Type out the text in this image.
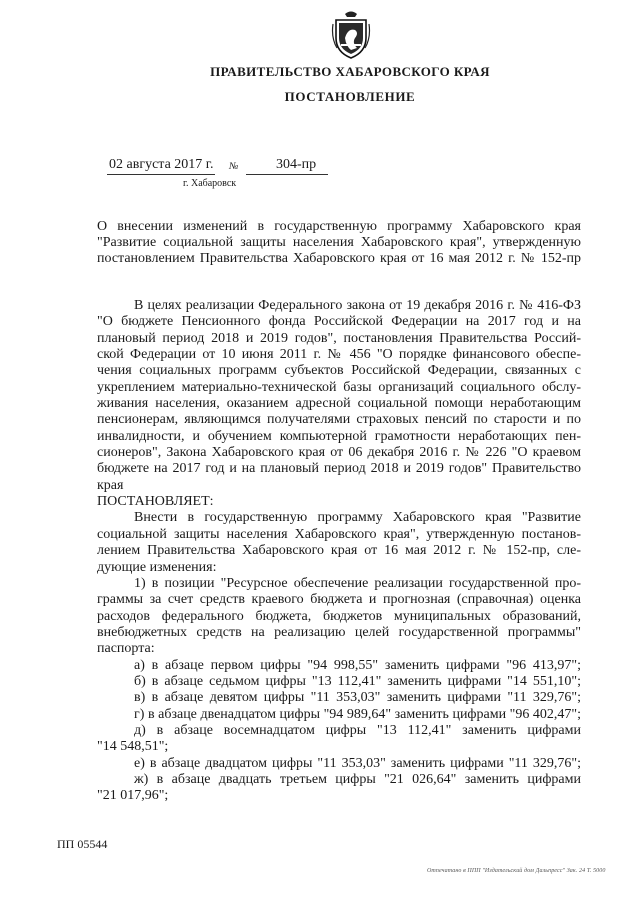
ПРАВИТЕЛЬСТВО ХАБАРОВСКОГО КРАЯ
ПОСТАНОВЛЕНИЕ
02 августа 2017 г. №	304-пр
г. Хабаровск
О внесении изменений в государственную программу Хабаровского края
"Развитие социальной защиты населения Хабаровского края", утвержденную
постановлением Правительства Хабаровского края от 16 мая 2012 г. № 152-пр
В целях реализации Федерального закона от 19 декабря 2016 г. № 416-ФЗ
"О бюджете Пенсионного фонда Российской Федерации на 2017 год и на
плановый период 2018 и 2019 годов", постановления Правительства Россий-
ской Федерации от 10 июня 2011 г. № 456 "О порядке финансового обеспе-
чения социальных программ субъектов Российской Федерации, связанных с
укреплением материально-технической базы организаций социального обслу-
живания населения, оказанием адресной социальной помощи неработающим
пенсионерам, являющимся получателями страховых пенсий по старости и по
инвалидности, и обучением компьютерной грамотности неработающих пен-
сионеров", Закона Хабаровского края от 06 декабря 2016 г. № 226 "О краевом
бюджете на 2017 год и на плановый период 2018 и 2019 годов" Правительство
края
ПОСТАНОВЛЯЕТ:
Внести в государственную программу Хабаровского края "Развитие
социальной защиты населения Хабаровского края", утвержденную постанов-
лением Правительства Хабаровского края от 16 мая 2012 г. № 152-пр, сле-
дующие изменения:
1) в позиции "Ресурсное обеспечение реализации государственной про-
граммы за счет средств краевого бюджета и прогнозная (справочная) оценка
расходов федерального бюджета, бюджетов муниципальных образований,
внебюджетных средств на реализацию целей государственной программы"
паспорта:
а) в абзаце первом цифры "94 998,55" заменить цифрами "96 413,97";
б) в абзаце седьмом цифры "13 112,41" заменить цифрами "14 551,10";
в) в абзаце девятом цифры "11 353,03" заменить цифрами "11 329,76";
г) в абзаце двенадцатом цифры "94 989,64" заменить цифрами "96 402,47";
д) в абзаце восемнадцатом цифры "13 112,41" заменить цифрами
"14 548,51";
е) в абзаце двадцатом цифры "11 353,03" заменить цифрами "11 329,76";
ж) в абзаце двадцать третьем цифры "21 026,64" заменить цифрами
"21 017,96";
ПП 05544
Отпечатано в ППП "Издательский дом Дальпресс" Зак. 24 Т. 5000
